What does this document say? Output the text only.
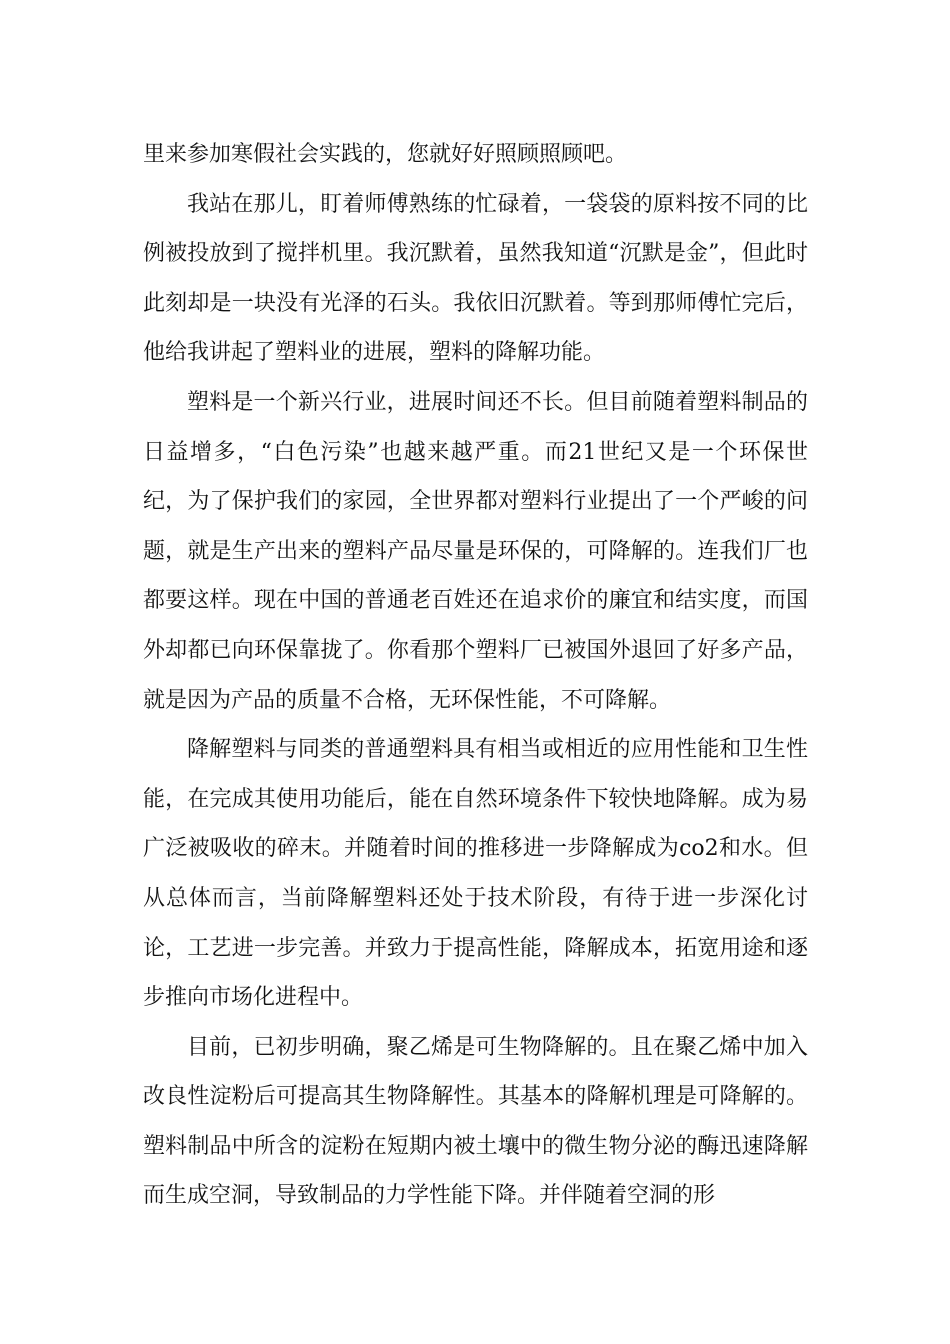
里来参加寒假社会实践的，您就好好照顾照顾吧。

我站在那儿，盯着师傅熟练的忙碌着，一袋袋的原料按不同的比例被投放到了搅拌机里。我沉默着，虽然我知道“沉默是金”，但此时此刻却是一块没有光泽的石头。我依旧沉默着。等到那师傅忙完后，他给我讲起了塑料业的进展，塑料的降解功能。

塑料是一个新兴行业，进展时间还不长。但目前随着塑料制品的日益增多，“白色污染”也越来越严重。而21世纪又是一个环保世纪，为了保护我们的家园，全世界都对塑料行业提出了一个严峻的问题，就是生产出来的塑料产品尽量是环保的，可降解的。连我们厂也都要这样。现在中国的普通老百姓还在追求价的廉宜和结实度，而国外却都已向环保靠拢了。你看那个塑料厂已被国外退回了好多产品，就是因为产品的质量不合格，无环保性能，不可降解。

降解塑料与同类的普通塑料具有相当或相近的应用性能和卫生性能，在完成其使用功能后，能在自然环境条件下较快地降解。成为易广泛被吸收的碎末。并随着时间的推移进一步降解成为co2和水。但从总体而言，当前降解塑料还处于技术阶段，有待于进一步深化讨论，工艺进一步完善。并致力于提高性能，降解成本，拓宽用途和逐步推向市场化进程中。

目前，已初步明确，聚乙烯是可生物降解的。且在聚乙烯中加入改良性淀粉后可提高其生物降解性。其基本的降解机理是可降解的。塑料制品中所含的淀粉在短期内被土壤中的微生物分泌的酶迅速降解而生成空洞，导致制品的力学性能下降。并伴随着空洞的形
